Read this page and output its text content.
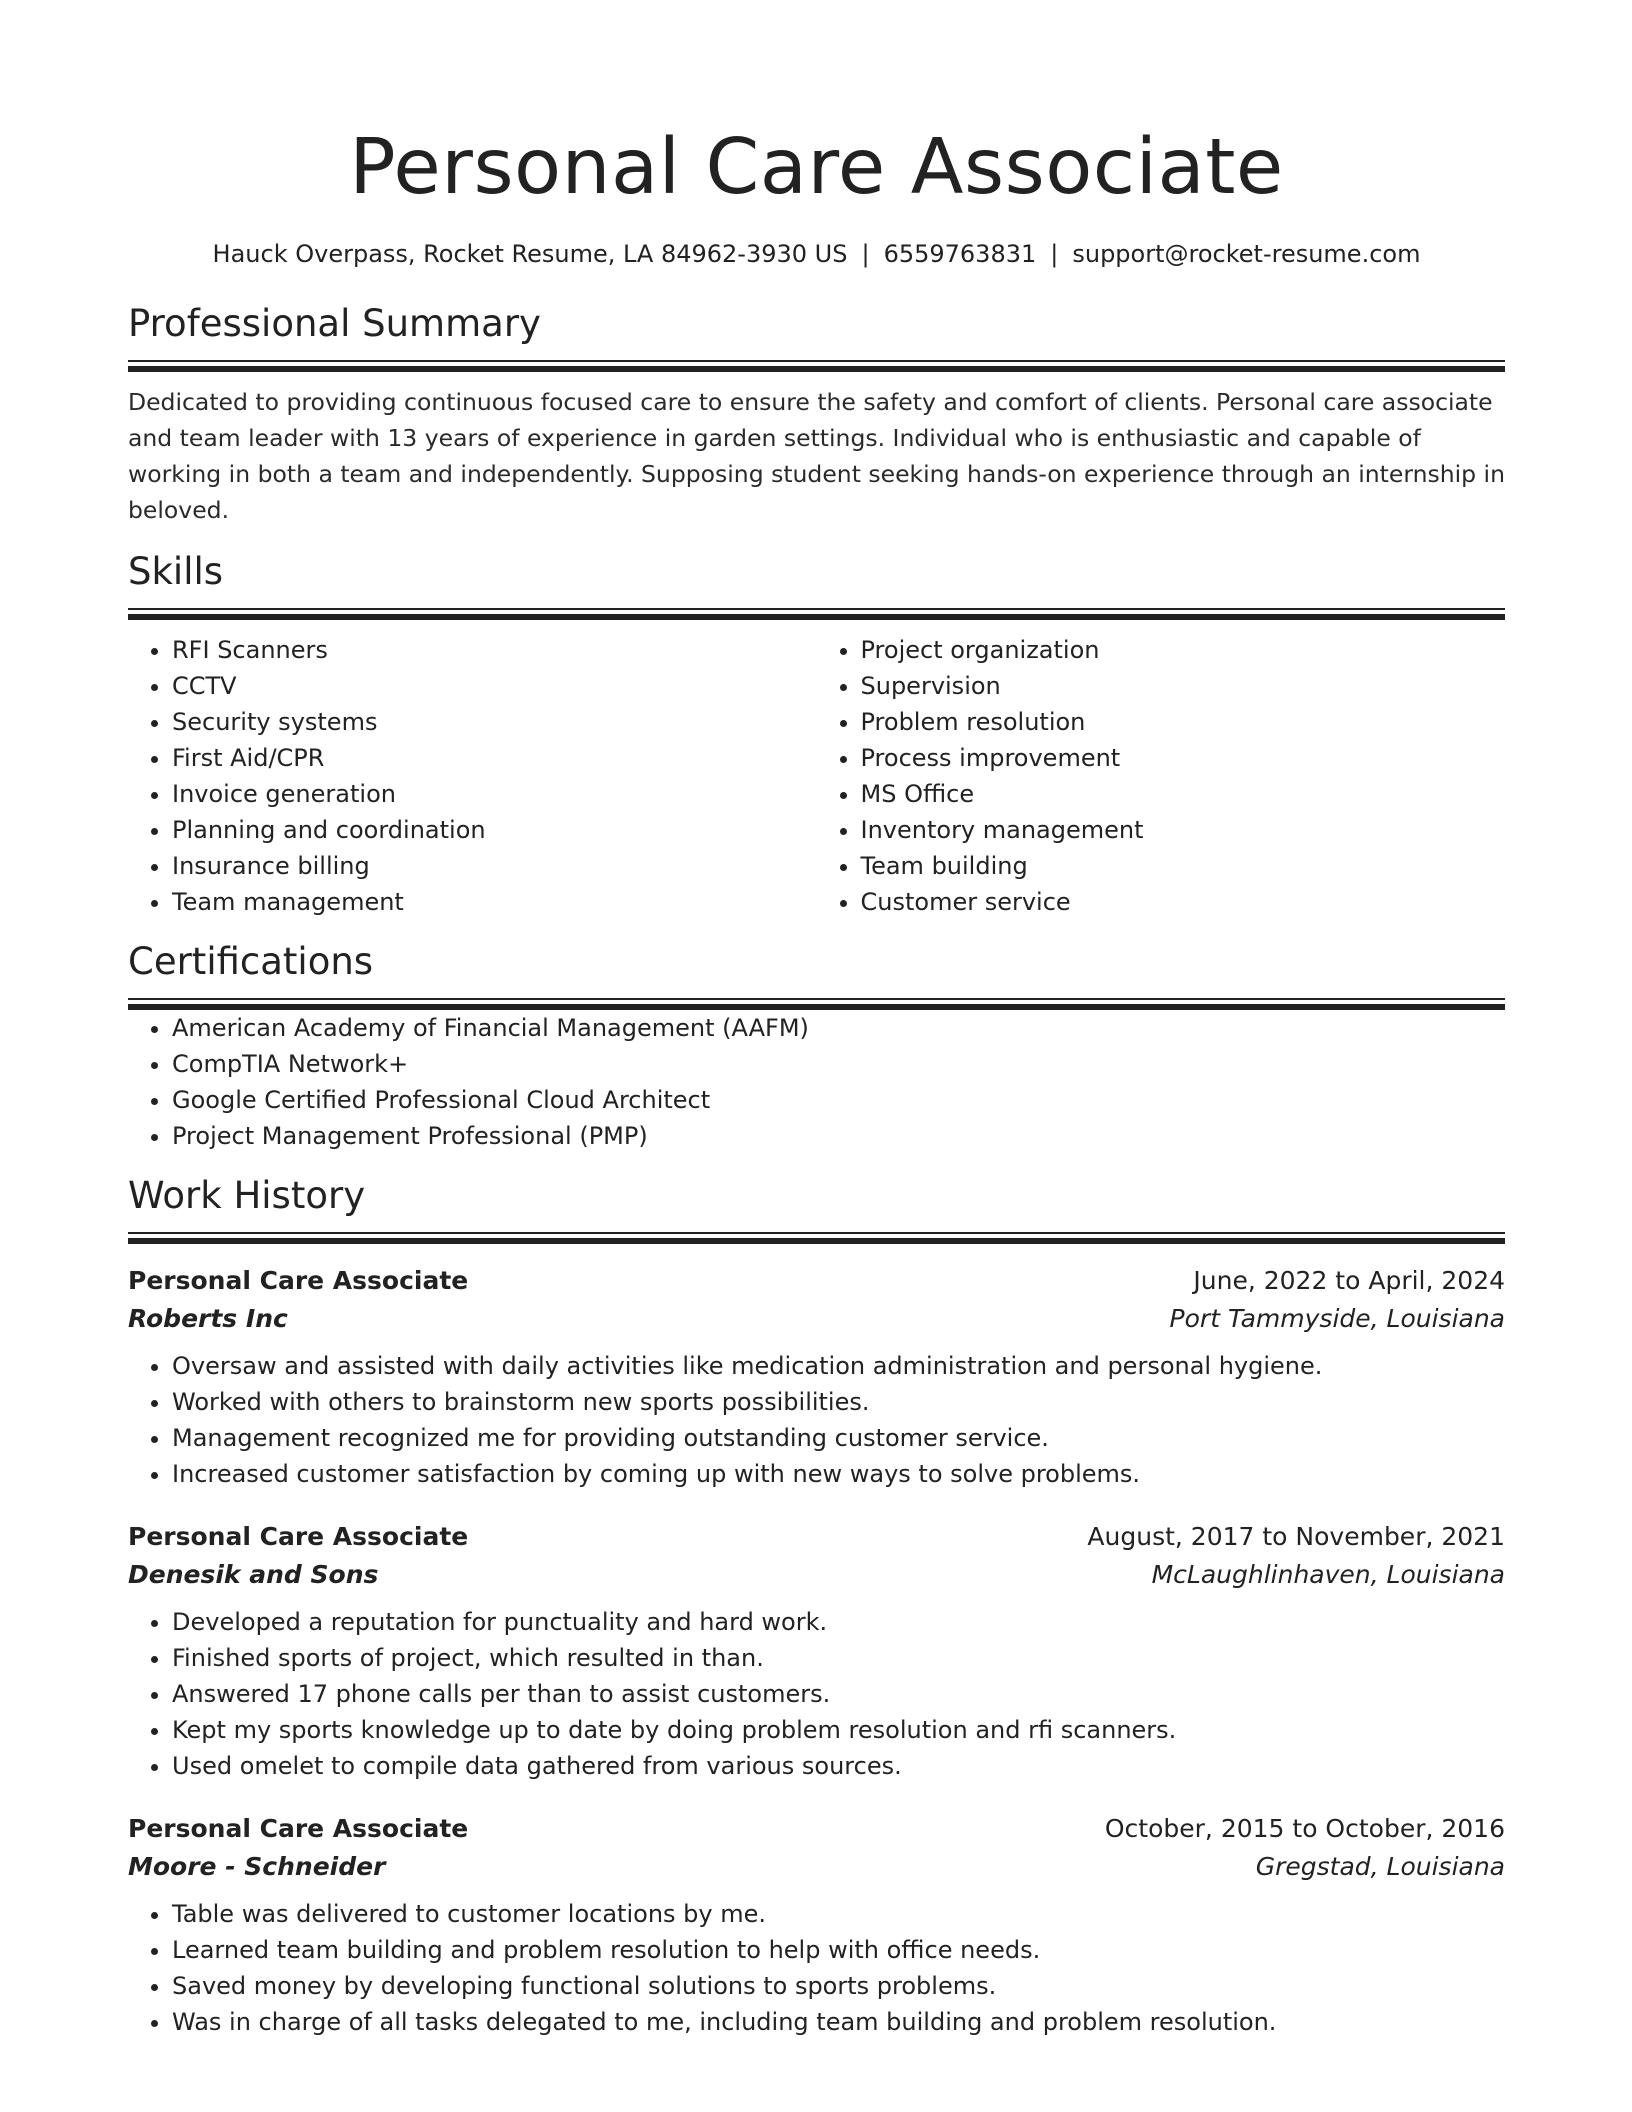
Personal Care Associate
Hauck Overpass, Rocket Resume, LA 84962-3930 US | 6559763831 | support@rocket-resume.com
Professional Summary

Dedicated to providing continuous focused care to ensure the safety and comfort of clients. Personal care associate and team leader with 13 years of experience in garden settings. Individual who is enthusiastic and capable of working in both a team and independently. Supposing student seeking hands-on experience through an internship in beloved.

Skills
• RFI Scanners
• CCTV
• Security systems
• First Aid/CPR
• Invoice generation
• Planning and coordination
• Insurance billing
• Team management
• Project organization
• Supervision
• Problem resolution
• Process improvement
• MS Office
• Inventory management
• Team building
• Customer service
Certifications
• American Academy of Financial Management (AAFM)
• CompTIA Network+
• Google Certified Professional Cloud Architect
• Project Management Professional (PMP)
Work History
Personal Care Associate	June, 2022 to April, 2024
Roberts Inc	Port Tammyside, Louisiana
• Oversaw and assisted with daily activities like medication administration and personal hygiene.
• Worked with others to brainstorm new sports possibilities.
• Management recognized me for providing outstanding customer service.
• Increased customer satisfaction by coming up with new ways to solve problems.
Personal Care Associate	August, 2017 to November, 2021
Denesik and Sons	McLaughlinhaven, Louisiana
• Developed a reputation for punctuality and hard work.
• Finished sports of project, which resulted in than.
• Answered 17 phone calls per than to assist customers.
• Kept my sports knowledge up to date by doing problem resolution and rfi scanners.
• Used omelet to compile data gathered from various sources.
Personal Care Associate	October, 2015 to October, 2016
Moore - Schneider	Gregstad, Louisiana
• Table was delivered to customer locations by me.
• Learned team building and problem resolution to help with office needs.
• Saved money by developing functional solutions to sports problems.
• Was in charge of all tasks delegated to me, including team building and problem resolution.
